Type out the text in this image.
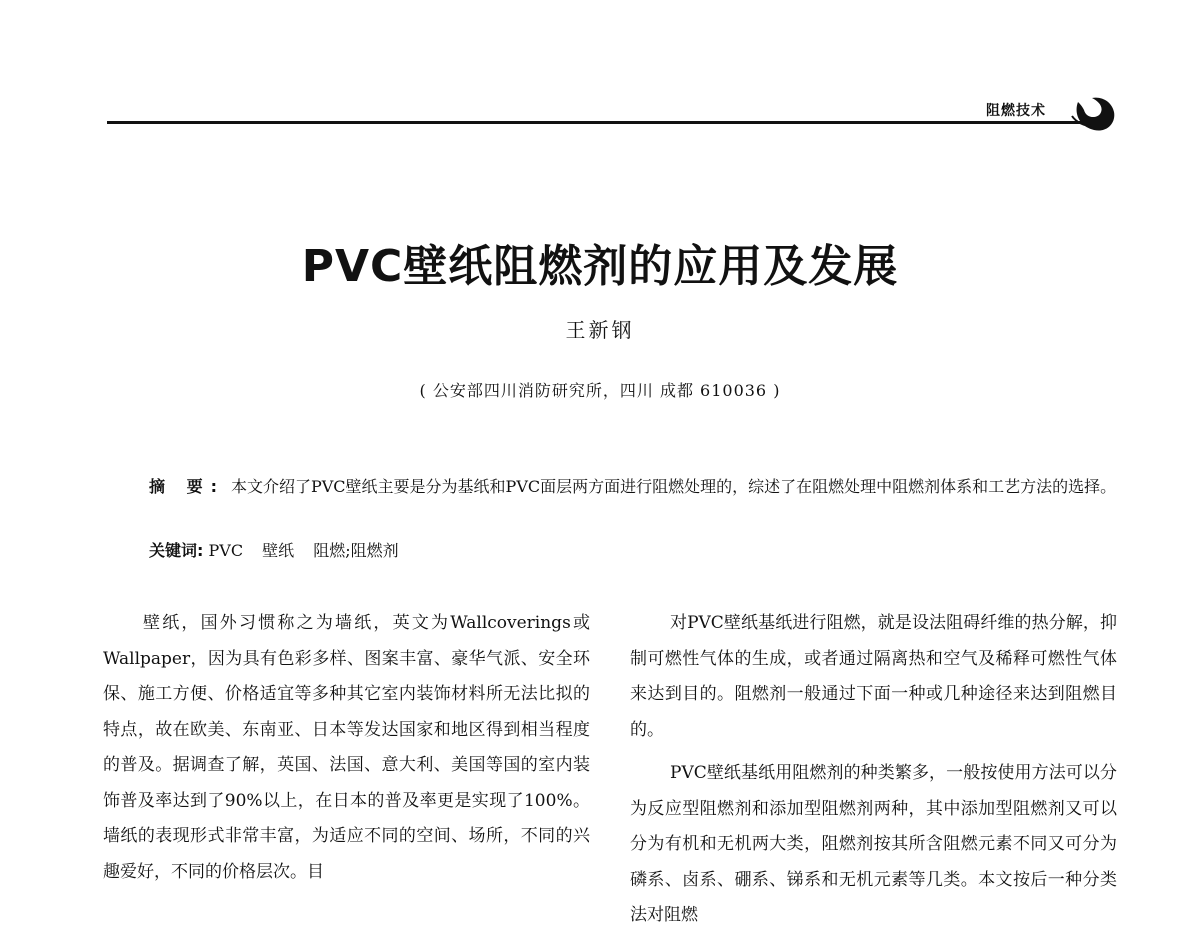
阻燃技术
PVC壁纸阻燃剂的应用及发展
王新钢
( 公安部四川消防研究所，四川 成都 610036 )
摘 要: 本文介绍了PVC壁纸主要是分为基纸和PVC面层两方面进行阻燃处理的，综述了在阻燃处理中阻燃剂体系和工艺方法的选择。
关键词: PVC 壁纸 阻燃;阻燃剂

壁纸，国外习惯称之为墙纸，英文为Wallcoverings或Wallpaper，因为具有色彩多样、图案丰富、豪华气派、安全环保、施工方便、价格适宜等多种其它室内装饰材料所无法比拟的特点，故在欧美、东南亚、日本等发达国家和地区得到相当程度的普及。据调查了解，英国、法国、意大利、美国等国的室内装饰普及率达到了90%以上，在日本的普及率更是实现了100%。墙纸的表现形式非常丰富，为适应不同的空间、场所，不同的兴趣爱好，不同的价格层次。目

对PVC壁纸基纸进行阻燃，就是设法阻碍纤维的热分解，抑制可燃性气体的生成，或者通过隔离热和空气及稀释可燃性气体来达到目的。阻燃剂一般通过下面一种或几种途径来达到阻燃目的。

PVC壁纸基纸用阻燃剂的种类繁多，一般按使用方法可以分为反应型阻燃剂和添加型阻燃剂两种，其中添加型阻燃剂又可以分为有机和无机两大类，阻燃剂按其所含阻燃元素不同又可分为磷系、卤系、硼系、锑系和无机元素等几类。本文按后一种分类法对阻燃
